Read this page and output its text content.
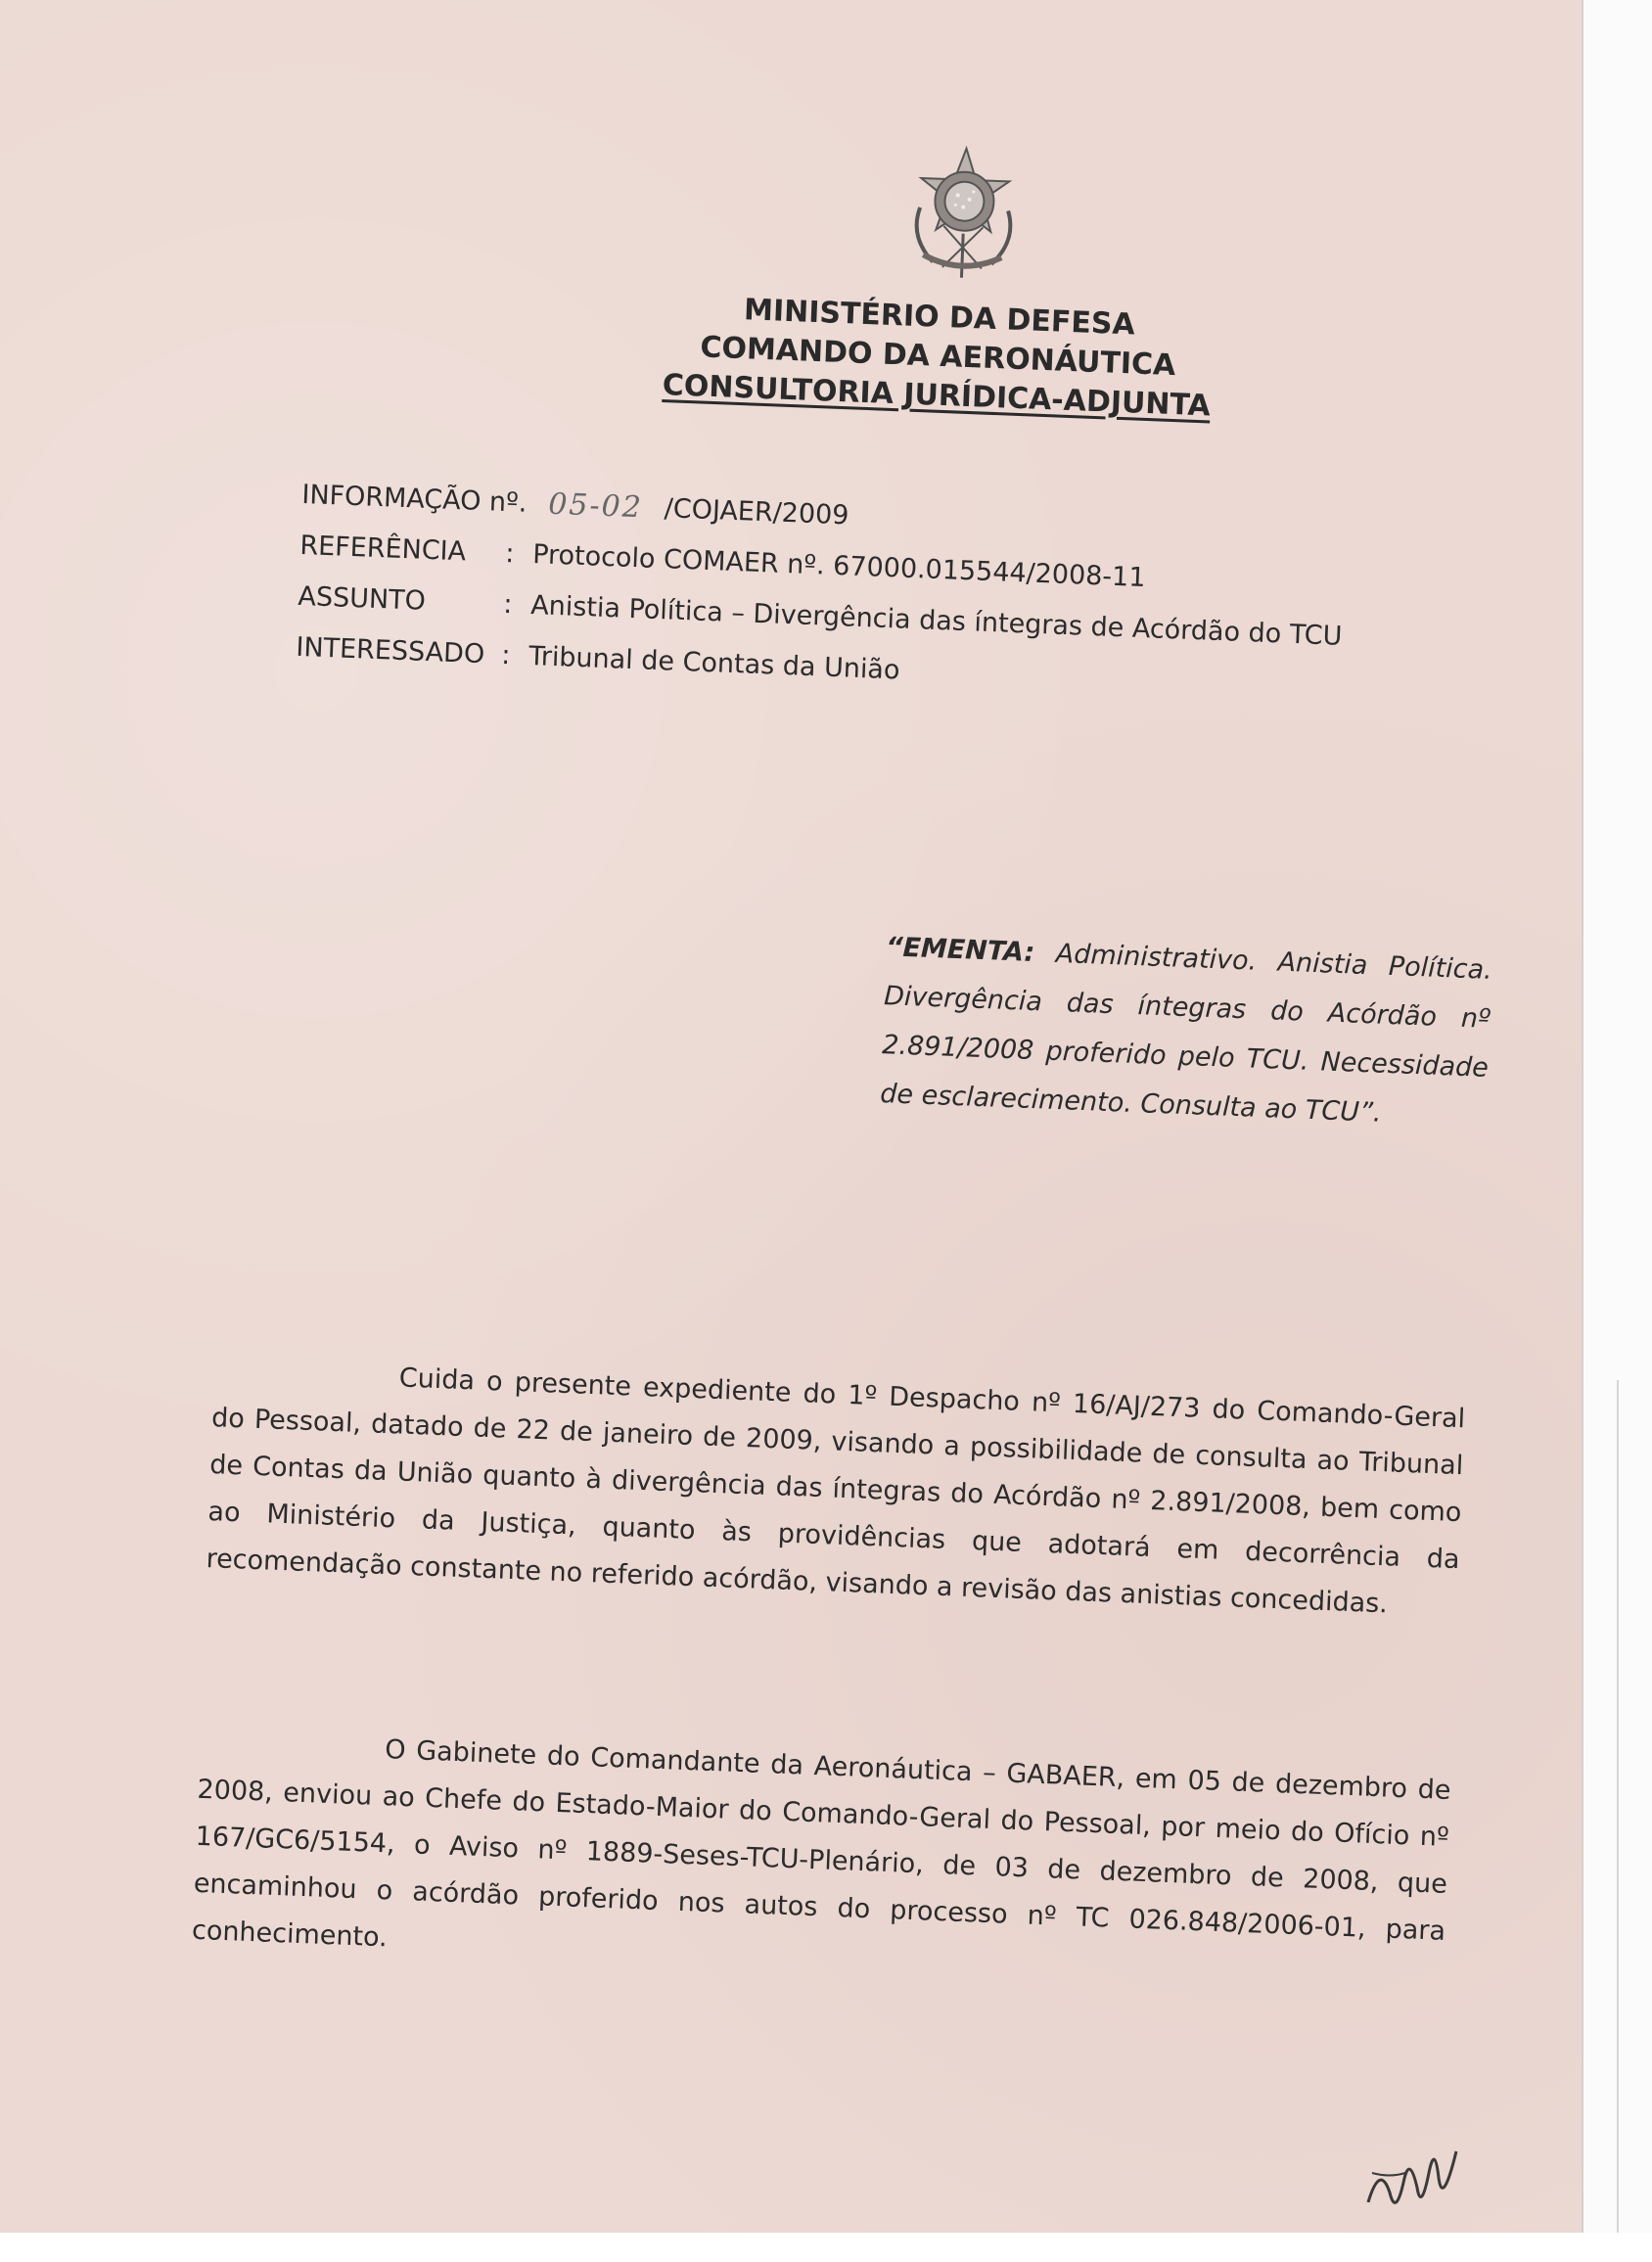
MINISTÉRIO DA DEFESA
COMANDO DA AERONÁUTICA
CONSULTORIA JURÍDICA-ADJUNTA
INFORMAÇÃO nº. 05-02 /COJAER/2009
REFERÊNCIA	: Protocolo COMAER nº. 67000.015544/2008-11
ASSUNTO	: Anistia Política – Divergência das íntegras de Acórdão do TCU
INTERESSADO : Tribunal de Contas da União
“EMENTA: Administrativo. Anistia Política. Divergência das íntegras do Acórdão nº 2.891/2008 proferido pelo TCU. Necessidade de esclarecimento. Consulta ao TCU”.
Cuida o presente expediente do 1º Despacho nº 16/AJ/273 do Comando-Geral do Pessoal, datado de 22 de janeiro de 2009, visando a possibilidade de consulta ao Tribunal de Contas da União quanto à divergência das íntegras do Acórdão nº 2.891/2008, bem como ao Ministério da Justiça, quanto às providências que adotará em decorrência da recomendação constante no referido acórdão, visando a revisão das anistias concedidas.
O Gabinete do Comandante da Aeronáutica – GABAER, em 05 de dezembro de 2008, enviou ao Chefe do Estado-Maior do Comando-Geral do Pessoal, por meio do Ofício nº 167/GC6/5154, o Aviso nº 1889-Seses-TCU-Plenário, de 03 de dezembro de 2008, que encaminhou o acórdão proferido nos autos do processo nº TC 026.848/2006-01, para conhecimento.
